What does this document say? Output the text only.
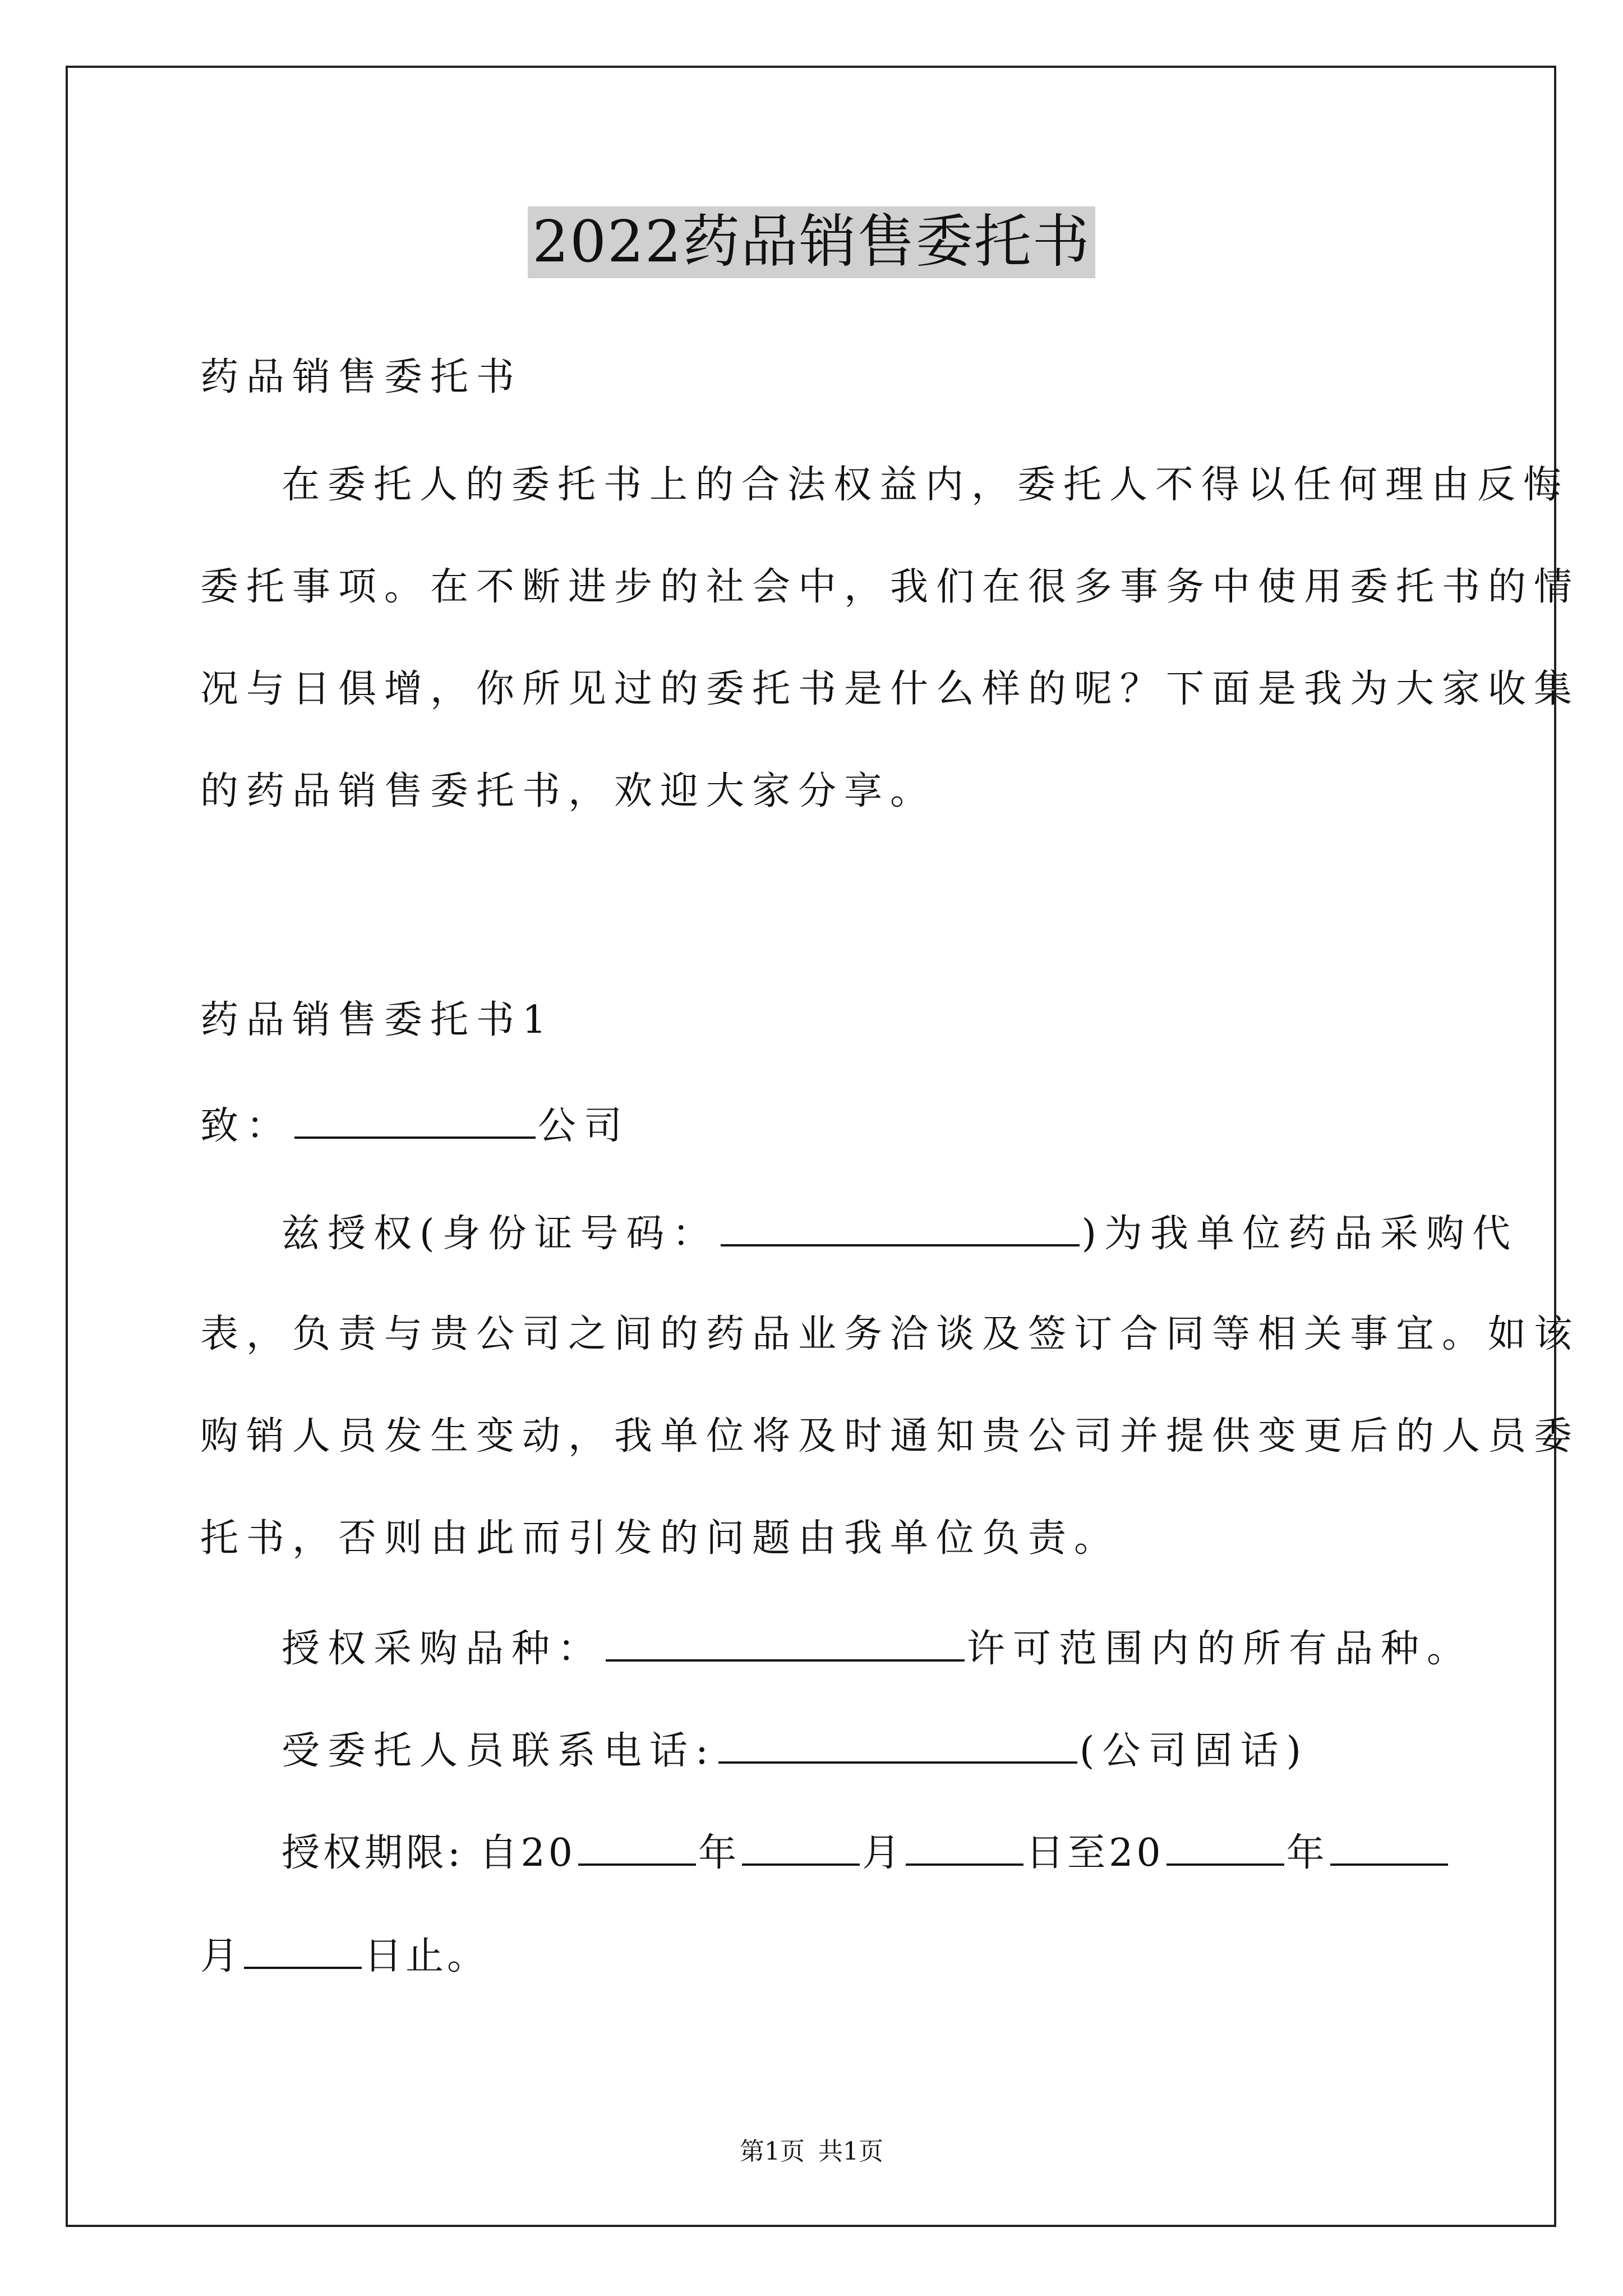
2022药品销售委托书
药品销售委托书
在委托人的委托书上的合法权益内，委托人不得以任何理由反悔
委托事项。在不断进步的社会中，我们在很多事务中使用委托书的情
况与日俱增，你所见过的委托书是什么样的呢？下面是我为大家收集
的药品销售委托书，欢迎大家分享。
药品销售委托书1
致：	公司
兹授权(身份证号码：	)为我单位药品采购代
表，负责与贵公司之间的药品业务洽谈及签订合同等相关事宜。如该
购销人员发生变动，我单位将及时通知贵公司并提供变更后的人员委
托书，否则由此而引发的问题由我单位负责。
授权采购品种：	许可范围内的所有品种。
受委托人员联系电话:	(公司固话)
授权期限: 自20	年	月	日至20	年
月	日止。
第1页 共1页
